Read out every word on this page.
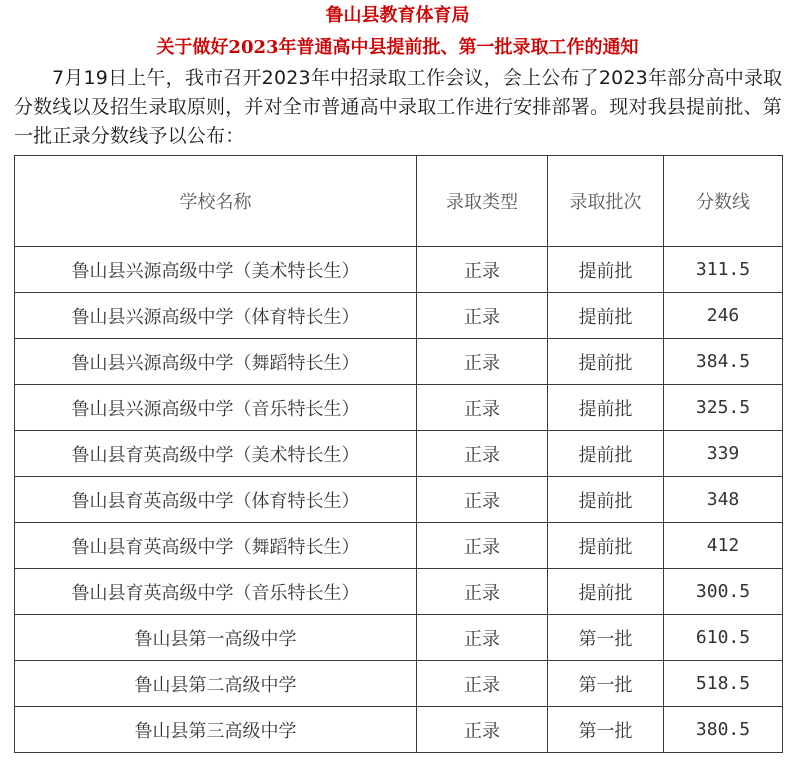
鲁山县教育体育局
关于做好2023年普通高中县提前批、第一批录取工作的通知
7月19日上午，我市召开2023年中招录取工作会议，会上公布了2023年部分高中录取分数线以及招生录取原则，并对全市普通高中录取工作进行安排部署。现对我县提前批、第一批正录分数线予以公布：
学校名称	录取类型	录取批次	分数线
鲁山县兴源高级中学（美术特长生）	正录	提前批	311.5
鲁山县兴源高级中学（体育特长生）	正录	提前批	246
鲁山县兴源高级中学（舞蹈特长生）	正录	提前批	384.5
鲁山县兴源高级中学（音乐特长生）	正录	提前批	325.5
鲁山县育英高级中学（美术特长生）	正录	提前批	339
鲁山县育英高级中学（体育特长生）	正录	提前批	348
鲁山县育英高级中学（舞蹈特长生）	正录	提前批	412
鲁山县育英高级中学（音乐特长生）	正录	提前批	300.5
鲁山县第一高级中学	正录	第一批	610.5
鲁山县第二高级中学	正录	第一批	518.5
鲁山县第三高级中学	正录	第一批	380.5
